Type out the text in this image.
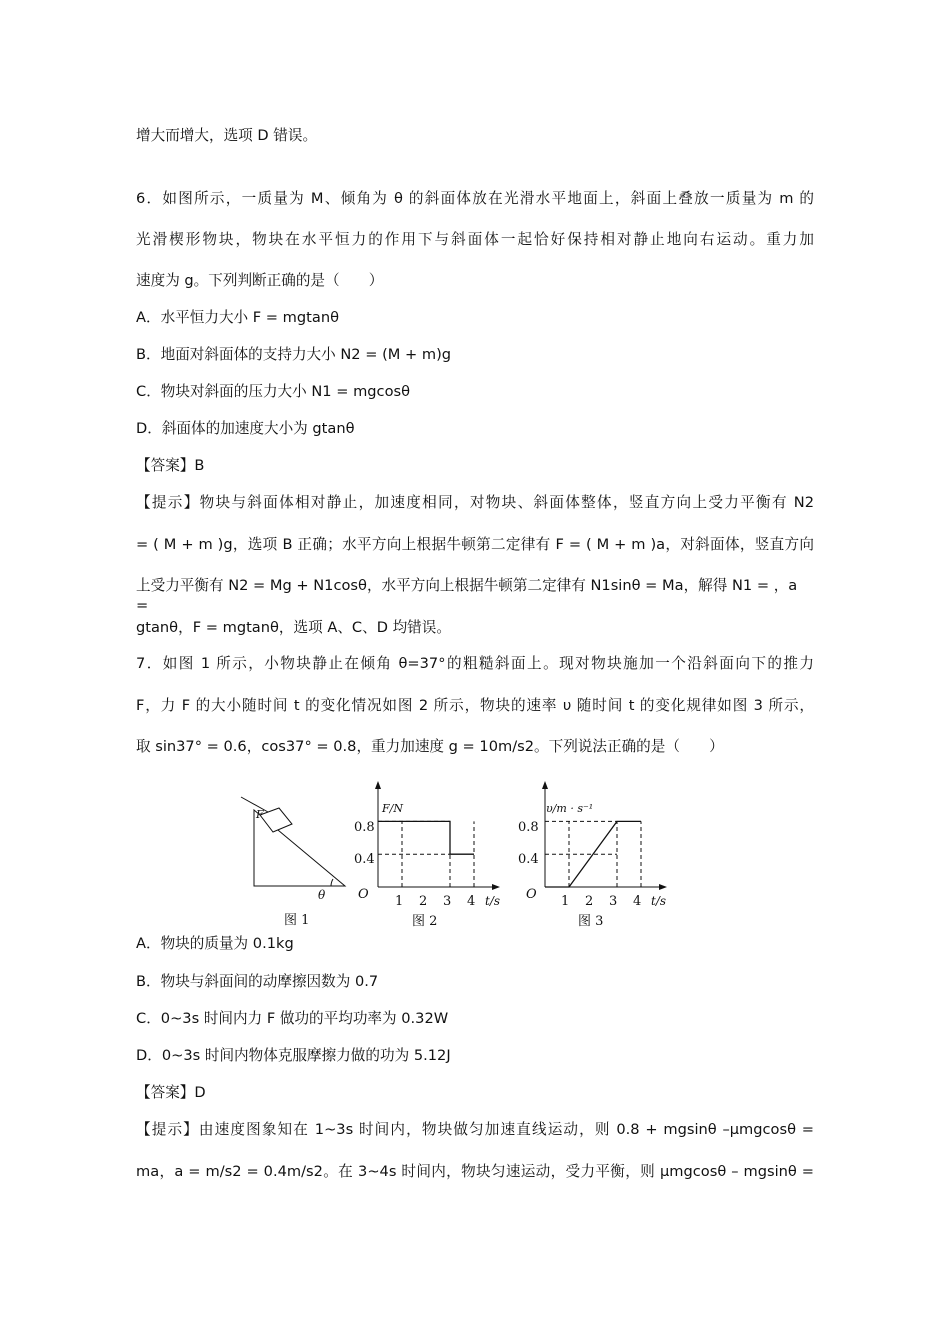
增大而增大，选项 D 错误。
6．如图所示，一质量为 M、倾角为 θ 的斜面体放在光滑水平地面上，斜面上叠放一质量为 m 的
光滑楔形物块，物块在水平恒力的作用下与斜面体一起恰好保持相对静止地向右运动。重力加
速度为 g。下列判断正确的是（　　）
A．水平恒力大小 F = mgtanθ
B．地面对斜面体的支持力大小 N2 = (M + m)g
C．物块对斜面的压力大小 N1 = mgcosθ
D．斜面体的加速度大小为 gtanθ
【答案】B
【提示】物块与斜面体相对静止，加速度相同，对物块、斜面体整体，竖直方向上受力平衡有 N2
= ( M + m )g，选项 B 正确；水平方向上根据牛顿第二定律有 F = ( M + m )a，对斜面体，竖直方向
上受力平衡有 N2 = Mg + N1cosθ，水平方向上根据牛顿第二定律有 N1sinθ = Ma，解得 N1 = ，a =
gtanθ，F = mgtanθ，选项 A、C、D 均错误。
7．如图 1 所示，小物块静止在倾角 θ=37°的粗糙斜面上。现对物块施加一个沿斜面向下的推力
F，力 F 的大小随时间 t 的变化情况如图 2 所示，物块的速率 υ 随时间 t 的变化规律如图 3 所示，
取 sin37° = 0.6，cos37° = 0.8，重力加速度 g = 10m/s2。下列说法正确的是（　　）
F
θ
图 1
0.8
0.4
O 1 2 3 4 t/s
F/N
图 2
0.8
0.4
O 1 2 3 4 t/s
υ/m · s⁻¹
图 3
A．物块的质量为 0.1kg
B．物块与斜面间的动摩擦因数为 0.7
C．0~3s 时间内力 F 做功的平均功率为 0.32W
D．0~3s 时间内物体克服摩擦力做的功为 5.12J
【答案】D
【提示】由速度图象知在 1~3s 时间内，物块做匀加速直线运动，则 0.8 + mgsinθ –μmgcosθ =
ma，a = m/s2 = 0.4m/s2。在 3~4s 时间内，物块匀速运动，受力平衡，则 μmgcosθ – mgsinθ =
